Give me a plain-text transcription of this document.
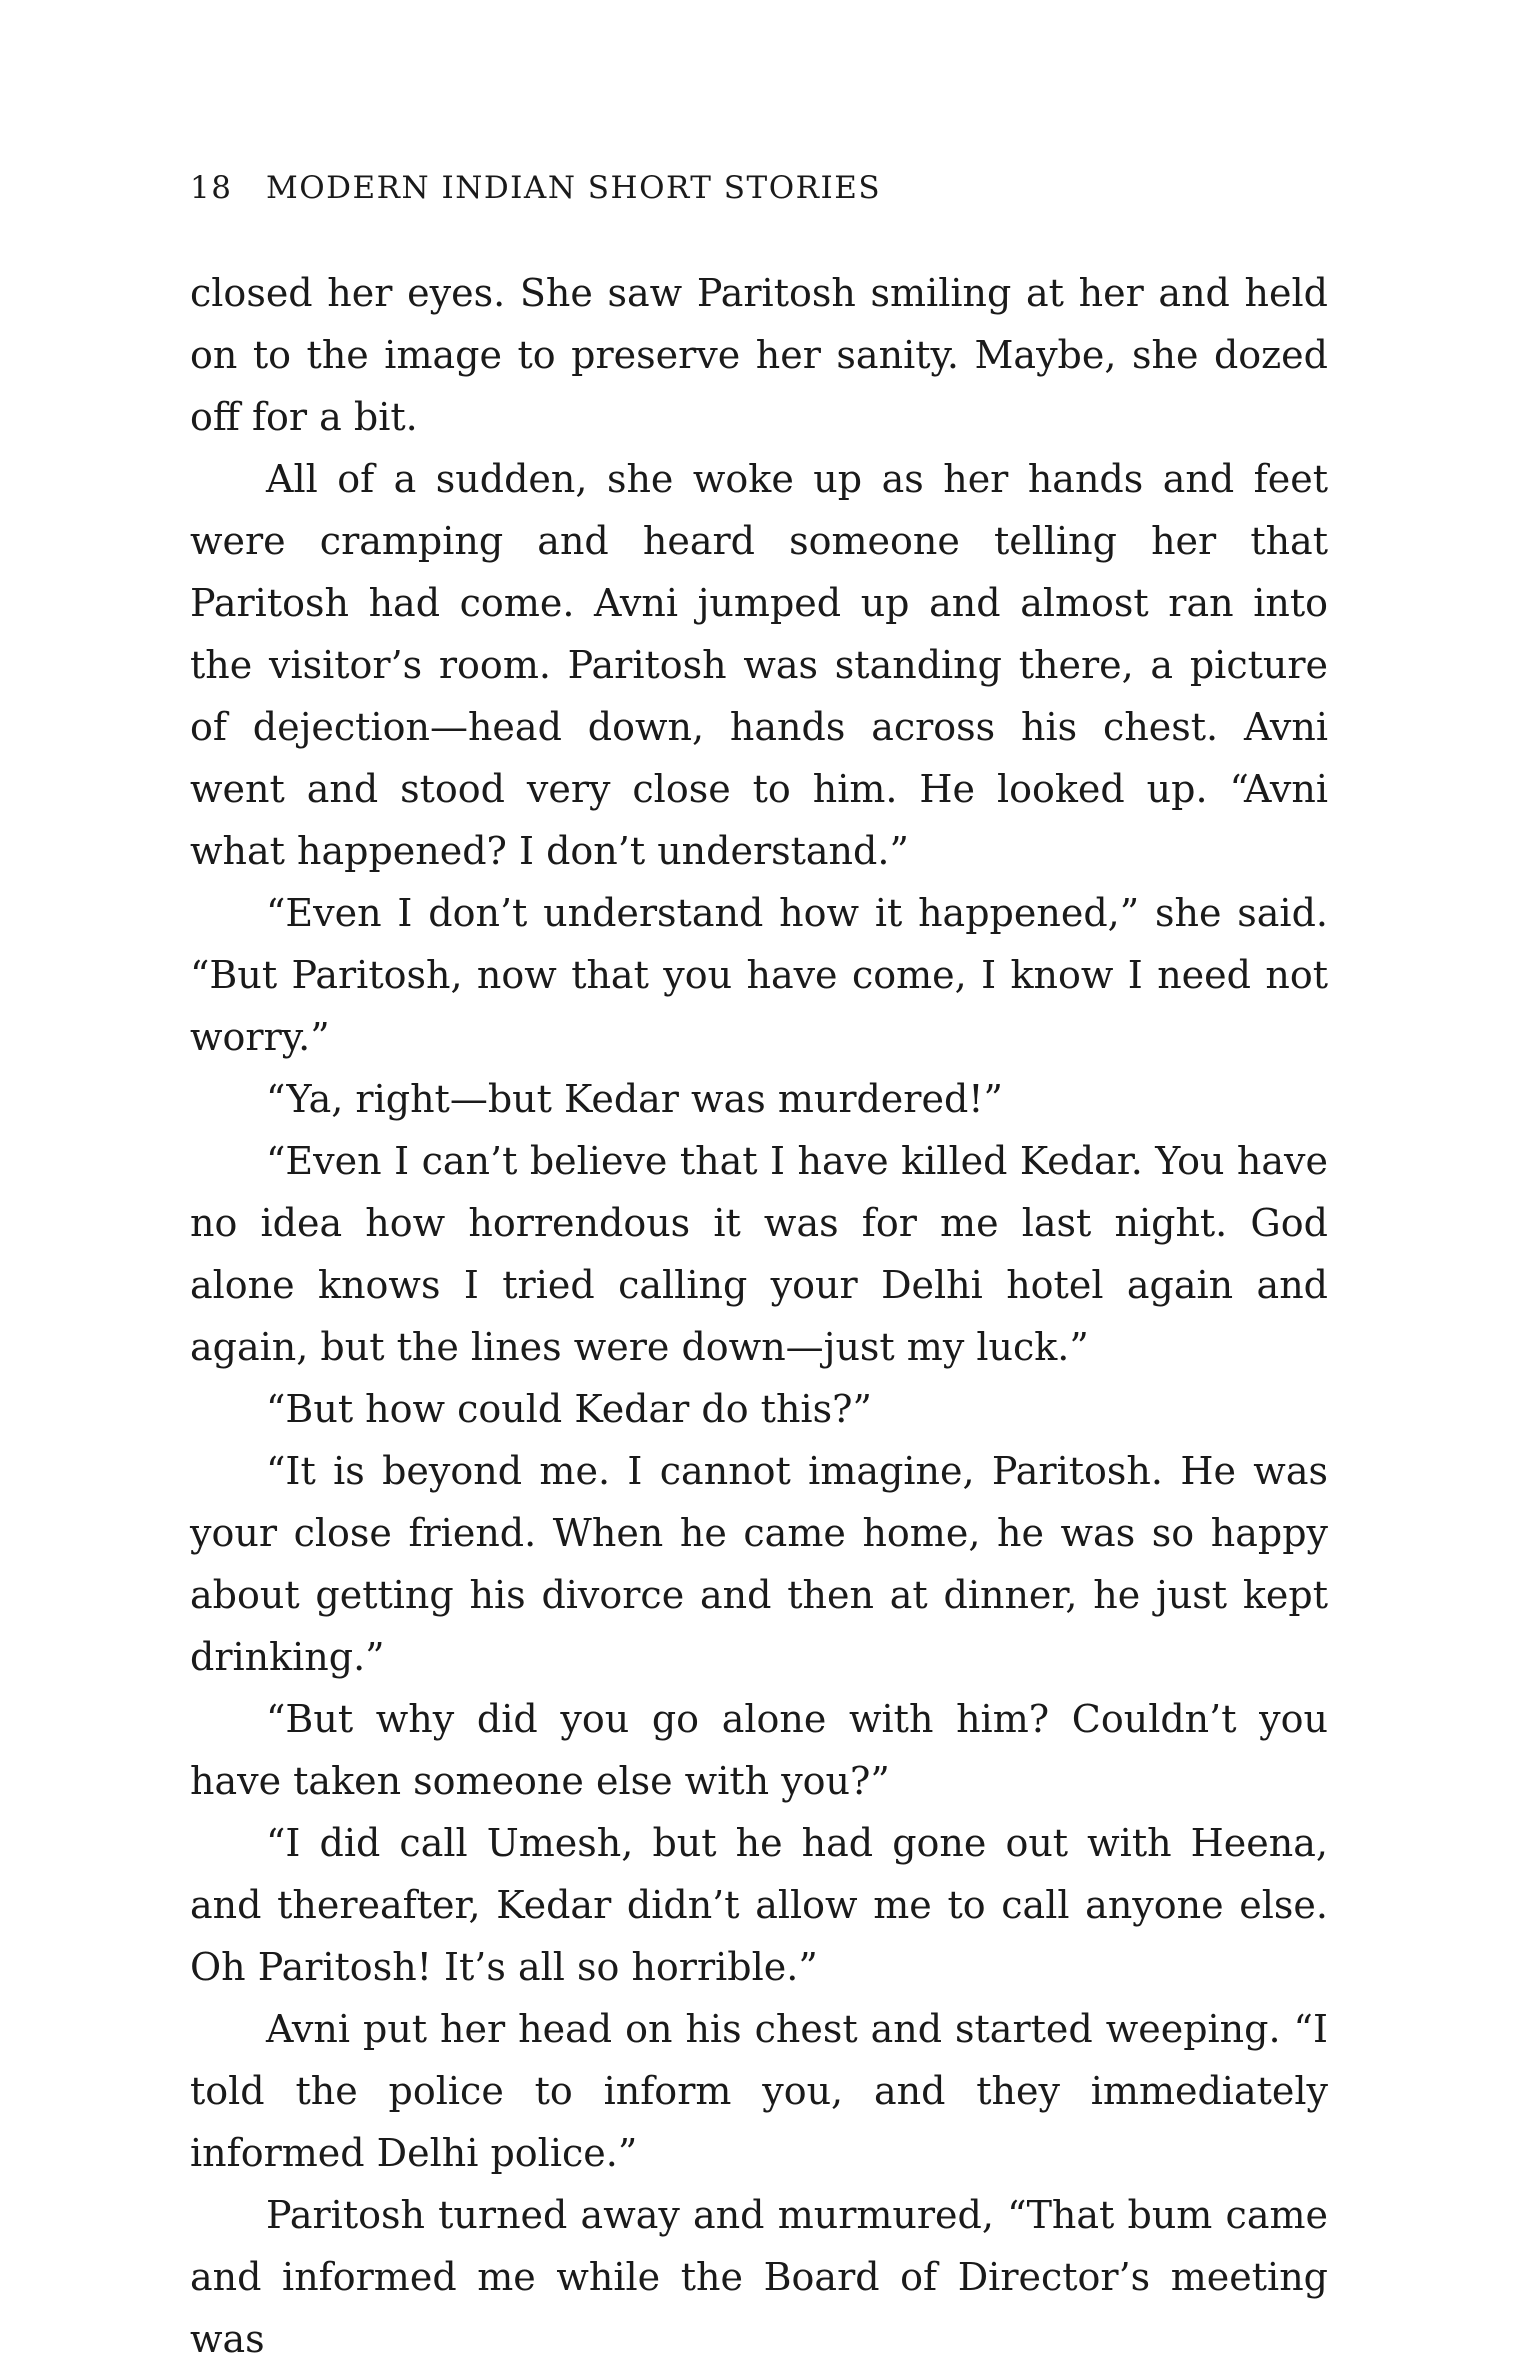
18 MODERN INDIAN SHORT STORIES

closed her eyes. She saw Paritosh smiling at her and held on to the image to preserve her sanity. Maybe, she dozed off for a bit.

All of a sudden, she woke up as her hands and feet were cramping and heard someone telling her that Paritosh had come. Avni jumped up and almost ran into the visitor’s room. Paritosh was standing there, a picture of dejection—head down, hands across his chest. Avni went and stood very close to him. He looked up. “Avni what happened? I don’t understand.”

“Even I don’t understand how it happened,” she said. “But Paritosh, now that you have come, I know I need not worry.”

“Ya, right—but Kedar was murdered!”

“Even I can’t believe that I have killed Kedar. You have no idea how horrendous it was for me last night. God alone knows I tried calling your Delhi hotel again and again, but the lines were down—just my luck.”

“But how could Kedar do this?”

“It is beyond me. I cannot imagine, Paritosh. He was your close friend. When he came home, he was so happy about getting his divorce and then at dinner, he just kept drinking.”

“But why did you go alone with him? Couldn’t you have taken someone else with you?”

“I did call Umesh, but he had gone out with Heena, and thereafter, Kedar didn’t allow me to call anyone else. Oh Paritosh! It’s all so horrible.”

Avni put her head on his chest and started weeping. “I told the police to inform you, and they immediately informed Delhi police.”

Paritosh turned away and murmured, “That bum came and informed me while the Board of Director’s meeting was
